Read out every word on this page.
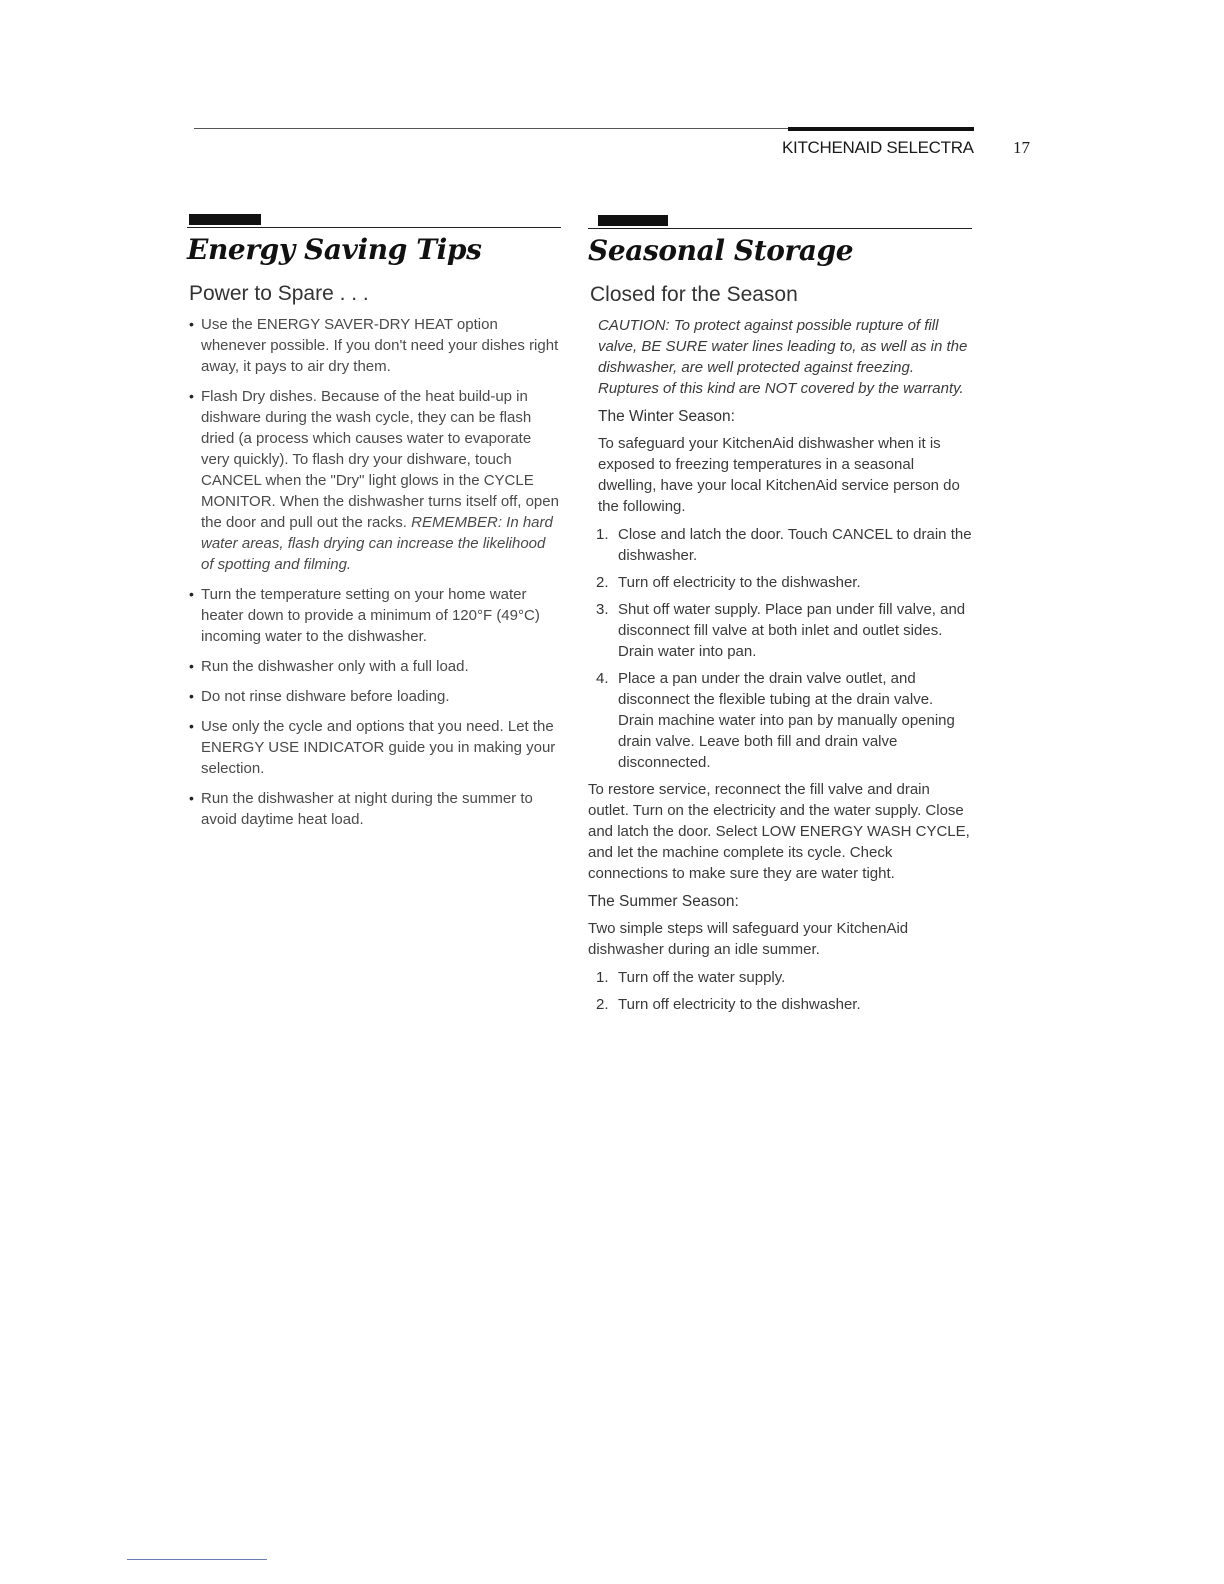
KITCHENAID SELECTRA 17
Energy Saving Tips
Power to Spare . . .
• Use the ENERGY SAVER-DRY HEAT option whenever possible. If you don't need your dishes right away, it pays to air dry them.
• Flash Dry dishes. Because of the heat build-up in dishware during the wash cycle, they can be flash dried (a process which causes water to evaporate very quickly). To flash dry your dishware, touch CANCEL when the "Dry" light glows in the CYCLE MONITOR. When the dishwasher turns itself off, open the door and pull out the racks. REMEMBER: In hard water areas, flash drying can increase the likelihood of spotting and filming.
• Turn the temperature setting on your home water heater down to provide a minimum of 120°F (49°C) incoming water to the dishwasher.
• Run the dishwasher only with a full load.
• Do not rinse dishware before loading.
• Use only the cycle and options that you need. Let the ENERGY USE INDICATOR guide you in making your selection.
• Run the dishwasher at night during the summer to avoid daytime heat load.
Seasonal Storage
Closed for the Season

CAUTION: To protect against possible rupture of fill valve, BE SURE water lines leading to, as well as in the dishwasher, are well protected against freezing. Ruptures of this kind are NOT covered by the warranty.

The Winter Season:

To safeguard your KitchenAid dishwasher when it is exposed to freezing temperatures in a seasonal dwelling, have your local KitchenAid service person do the following.

1. Close and latch the door. Touch CANCEL to drain the dishwasher.
2. Turn off electricity to the dishwasher.
3. Shut off water supply. Place pan under fill valve, and disconnect fill valve at both inlet and outlet sides. Drain water into pan.
4. Place a pan under the drain valve outlet, and disconnect the flexible tubing at the drain valve. Drain machine water into pan by manually opening drain valve. Leave both fill and drain valve disconnected.

To restore service, reconnect the fill valve and drain outlet. Turn on the electricity and the water supply. Close and latch the door. Select LOW ENERGY WASH CYCLE, and let the machine complete its cycle. Check connections to make sure they are water tight.

The Summer Season:

Two simple steps will safeguard your KitchenAid dishwasher during an idle summer.

1. Turn off the water supply.
2. Turn off electricity to the dishwasher.
